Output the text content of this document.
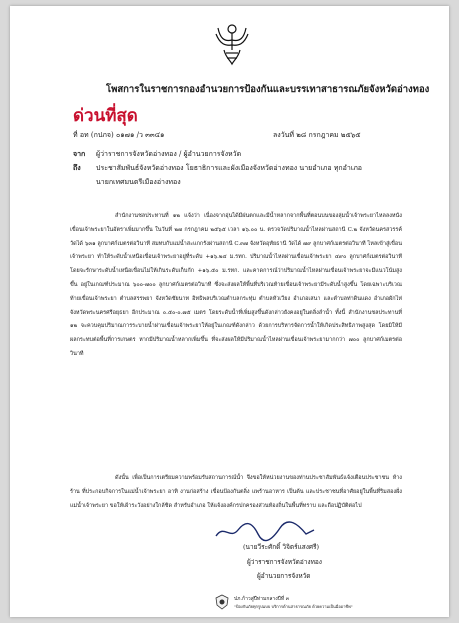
โพสการในราชการกองอำนวยการป้องกันและบรรเทาสาธารณภัยจังหวัดอ่างทอง

ด่วนที่สุด

ที่ อท (กปภจ) ๐๑๗๑ /ว ๓๓๔๑	ลงวันที่ ๒๘ กรกฎาคม ๒๕๖๕

จาก ผู้ว่าราชการจังหวัดอ่างทอง / ผู้อำนวยการจังหวัด

ถึง ประชาสัมพันธ์จังหวัดอ่างทอง โยธาธิการและผังเมืองจังหวัดอ่างทอง นายอำเภอ ทุกอำเภอ

นายกเทศมนตรีเมืองอ่างทอง

สำนักงานชลประทานที่ ๑๒ แจ้งว่า เนื่องจากอุ่นได้มีฝนตกและมีน้ำหลากจากพื้นที่ตอนบนของลุ่มน้ำเจ้าพระยาไหลลงหนังเขื่อนเจ้าพระยาในอัตราเพิ่มมากขึ้น ในวันที่ ๒๗ กรกฎาคม ๒๕๖๕ เวลา ๑๖.๐๐ น. ตรวจวัดปริมาณน้ำไหลผ่านสถานี C.๒ จังหวัดนครสวรรค์ วัดได้ ๖๓๑ ลูกบาศก์เมตรต่อวินาที สมทบกับแม่น้ำสะแกกรังผ่านสถานี C.๓๗ จังหวัดอุทัยธานี วัดได้ ๗๙ ลูกบาศก์เมตรต่อวินาที ไหลเข้าสู่เขื่อนเจ้าพระยา ทำให้ระดับน้ำเหนือเขื่อนเจ้าพระยาอยู่ที่ระดับ +๑๖.๒๔ ม.รทก. ปริมาณน้ำไหลผ่านเขื่อนเจ้าพระยา ๔๙๐ ลูกบาศก์เมตรต่อวินาที โดยจะรักษาระดับน้ำเหนือเขื่อนไม่ให้เกินระดับเก็บกัก +๑๖.๕๐ ม.รทก. และคาดการณ์ว่าปริมาณน้ำไหลผ่านเขื่อนเจ้าพระยาจะมีแนวโน้มสูงขึ้น อยู่ในเกณฑ์ประมาณ ๖๐๐-๗๐๐ ลูกบาศก์เมตรต่อวินาที ซึ่งจะส่งผลให้พื้นที่บริเวณท้ายเขื่อนเจ้าพระยามีระดับน้ำสูงขึ้น โดยเฉพาะบริเวณท้ายเขื่อนเจ้าพระยา ตำบลสรรพยา จังหวัดชัยนาท อิทธิพลบริเวณตำบลกระทุ่ม ตำบลหัวเวียง อำเภอเสนา และตำบลท่าดินแดง อำเภอผักไห่ จังหวัดพระนครศรีอยุธยา อีกประมาณ ๐.๕๐-๐.๗๕ เมตร โดยระดับน้ำที่เพิ่มสูงขึ้นดังกล่าวยังคงอยู่ในตลิ่งลำน้ำ ทั้งนี้ สำนักงานชลประทานที่ ๑๒ จะควบคุมปริมาณการระบายน้ำผ่านเขื่อนเจ้าพระยาให้อยู่ในเกณฑ์ดังกล่าว ด้วยการบริหารจัดการน้ำให้เกิดประสิทธิภาพสูงสุด โดยมิให้มีผลกระทบต่อพื้นที่การเกษตร หากมีปริมาณน้ำหลากเพิ่มขึ้น ที่จะส่งผลให้มีปริมาณน้ำไหลผ่านเขื่อนเจ้าพระยามากกว่า ๗๐๐ ลูกบาศก์เมตรต่อวินาที

ดังนั้น เพื่อเป็นการเตรียมความพร้อมรับสถานการณ์น้ำ จึงขอให้หน่วยงานของท่านประชาสัมพันธ์แจ้งเตือนประชาชน ห้างร้าน ที่ประกอบกิจการในแม่น้ำเจ้าพระยา อาทิ งานก่อสร้าง เขื่อนป้องกันตลิ่ง แพร้านอาหาร เป็นต้น และประชาชนที่อาศัยอยู่ในพื้นที่ริมสองฝั่งแม่น้ำเจ้าพระยา ขอให้เฝ้าระวังอย่างใกล้ชิด สำหรับอำเภอ ให้แจ้งองค์กรปกครองส่วนท้องถิ่นในพื้นที่ทราบ และถือปฏิบัติต่อไป

(นายวีระศักดิ์ วิจิตร์แสงศรี)

ผู้ว่าราชการจังหวัดอ่างทอง

ผู้อำนวยการจังหวัด

ปภ.ก้าวสู่ปีท่ามกลางปีที่ ๓

"ป้องกันภัยทุกรูปแบบ บริการด้านสาธารณภัย ด้วยความเป็นมืออาชีพ"
